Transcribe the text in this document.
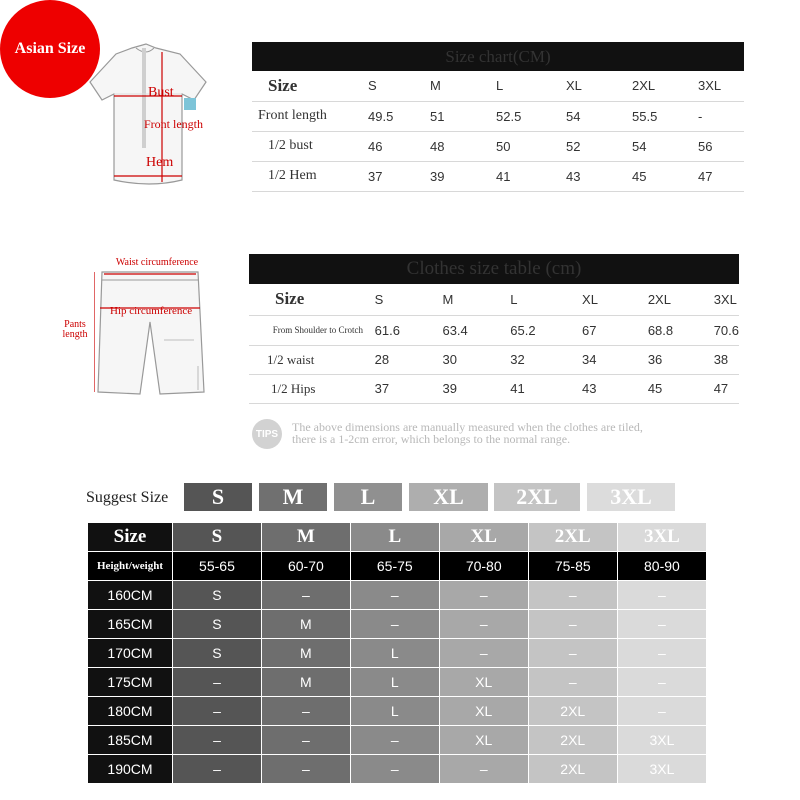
Asian Size
Bust
Front length
Hem
Size chart(CM)						
Size	S	M	L	XL	2XL	3XL
Front length	49.5	51	52.5	54	55.5	-
1/2 bust	46	48	50	52	54	56
1/2 Hem	37	39	41	43	45	47
Waist circumference
Hip circumference
Pants length
Clothes size table (cm)						
Size	S	M	L	XL	2XL	3XL
From Shoulder to Crotch	61.6	63.4	65.2	67	68.8	70.6
1/2 waist	28	30	32	34	36	38
1/2 Hips	37	39	41	43	45	47
TIPS	The above dimensions are manually measured when the clothes are tiled,
there is a 1-2cm error, which belongs to the normal range.
Suggest Size	S	M	L	XL	2XL	3XL
Size	S	M	L	XL	2XL	3XL
Height/weight	55-65	60-70	65-75	70-80	75-85	80-90
160CM	S	–	–	–	–	–
165CM	S	M	–	–	–	–
170CM	S	M	L	–	–	–
175CM	–	M	L	XL	–	–
180CM	–	–	L	XL	2XL	–
185CM	–	–	–	XL	2XL	3XL
190CM	–	–	–	–	2XL	3XL
